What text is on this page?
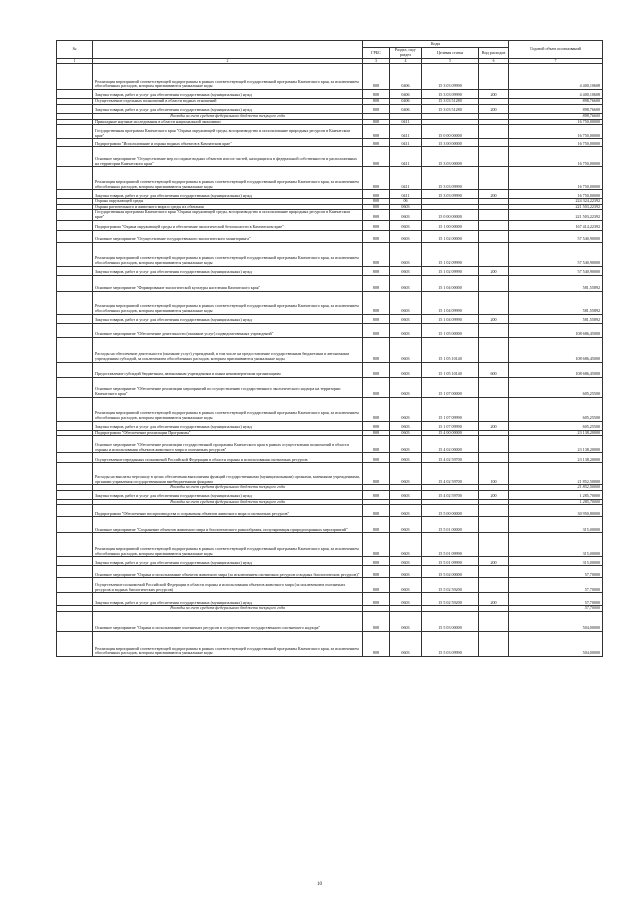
№		Коды				Годовой объем ассигнований
		ГРБС	Раздел, под- раздел	Целевая статья	Вид расходов	
1	2	3	4	5	6	7
	Реализация мероприятий соответствующей подпрограммы в рамках соответствующей государственной программы Камчатского края, за исключением обособленных расходов, которым присваиваются уникальные коды	808	0406	15 3 03 09990		4 400,10608
	Закупка товаров, работ и услуг для обеспечения государственных (муниципальных) нужд	808	0406	15 3 03 09990	200	4 400,10608
	Осуществление отдельных полномочий в области водных отношений	808	0406	15 3 03 51280		898,76600
	Закупка товаров, работ и услуг для обеспечения государственных (муниципальных) нужд	808	0406	15 3 03 51280	200	898,76600
	Расходы за счет средств федерального бюджета текущего года					898,76600
	Прикладные научные исследования в области национальной экономики	808	0411			16 750,00000
	Государственная программа Камчатского края "Охрана окружающей среды, воспроизводство и использование природных ресурсов в Камчатском крае"	808	0411	15 0 00 00000		16 750,00000
	Подпрограмма "Использование и охрана водных объектов в Камчатском крае"	808	0411	15 3 00 00000		16 750,00000
	Основное мероприятие "Осуществление мер по охране водных объектов или их частей, находящихся в федеральной собственности и расположенных на территории Камчатского края"	808	0411	15 3 03 00000		16 750,00000
	Реализация мероприятий соответствующей подпрограммы в рамках соответствующей государственной программы Камчатского края, за исключением обособленных расходов, которым присваиваются уникальные коды	808	0411	15 3 03 09990		16 750,00000
	Закупка товаров, работ и услуг для обеспечения государственных (муниципальных) нужд	808	0411	15 3 03 09990	200	16 750,00000
	Охрана окружающей среды	808	06			224 324,22392
	Охрана растительного и животного мира и среды их обитания	808	0603			221 503,22392
	Государственная программа Камчатского края "Охрана окружающей среды, воспроизводство и использование природных ресурсов в Камчатском крае"	808	0603	15 0 00 00000		221 503,22392
	Подпрограмма "Охрана окружающей среды и обеспечение экологической безопасности в Камчатском крае"	808	0603	15 1 00 00000		167 414,22392
	Основное мероприятие "Осуществление государственного экологического мониторинга"	808	0603	15 1 02 00000		57 540,90000
	Реализация мероприятий соответствующей подпрограммы в рамках соответствующей государственной программы Камчатского края, за исключением обособленных расходов, которым присваиваются уникальные коды	808	0603	15 1 02 09990		57 540,90000
	Закупка товаров, работ и услуг для обеспечения государственных (муниципальных) нужд	808	0603	15 1 02 09990	200	57 540,90000
	Основное мероприятие "Формирование экологической культуры населения Камчатского края"	808	0603	15 1 04 00000		581,55892
	Реализация мероприятий соответствующей подпрограммы в рамках соответствующей государственной программы Камчатского края, за исключением обособленных расходов, которым присваиваются уникальные коды	808	0603	15 1 04 09990		581,55892
	Закупка товаров, работ и услуг для обеспечения государственных (муниципальных) нужд	808	0603	15 1 04 09990	200	581,55892
	Основное мероприятие "Обеспечение деятельности (оказание услуг) подведомственных учреждений"	808	0603	15 1 05 00000		108 686,45000
	Расходы на обеспечение деятельности (оказание услуг) учреждений, в том числе на предоставление государственным бюджетным и автономным учреждениям субсидий, за исключением обособленных расходов, которым присваиваются уникальные коды	808	0603	15 1 05 10140		108 686,45000
	Предоставление субсидий бюджетным, автономным учреждениям и иным некоммерческим организациям	808	0603	15 1 05 10140	600	108 686,45000
	Основное мероприятие "Обеспечение реализации мероприятий по осуществлению государственного экологического надзора на территории Камчатского края"	808	0603	15 1 07 00000		605,25500
	Реализация мероприятий соответствующей подпрограммы в рамках соответствующей государственной программы Камчатского края, за исключением обособленных расходов, которым присваиваются уникальные коды	808	0603	15 1 07 09990		605,25500
	Закупка товаров, работ и услуг для обеспечения государственных (муниципальных) нужд	808	0603	15 1 07 09990	200	605,25500
	Подпрограмма "Обеспечение реализации Программы"	808	0603	15 4 00 00000		23 138,20000
	Основное мероприятие "Обеспечение реализации государственной программы Камчатского края в рамках осуществления полномочий в области охраны и использования объектов животного мира и охотничьих ресурсов"	808	0603	15 4 02 00000		23 138,20000
	Осуществление переданных полномочий Российской Федерации в области охраны и использования охотничьих ресурсов	808	0603	15 4 02 59700		23 138,20000
	Расходы на выплаты персоналу в целях обеспечения выполнения функций государственными (муниципальными) органами, казенными учреждениями, органами управления государственными внебюджетными фондами	808	0603	15 4 02 59700	100	21 852,50000
	Расходы за счет средств федерального бюджета текущего года					21 852,50000
	Закупка товаров, работ и услуг для обеспечения государственных (муниципальных) нужд	808	0603	15 4 02 59700	200	1 285,70000
	Расходы за счет средств федерального бюджета текущего года					1 285,70000
	Подпрограмма "Обеспечение воспроизводства и сохранения объектов животного мира и охотничьих ресурсов"	808	0603	15 5 00 00000		30 950,80000
	Основное мероприятие "Сохранение объектов животного мира и биологического разнообразия, популяризация природоохранных мероприятий"	808	0603	15 5 01 00000		315,00000
	Реализация мероприятий соответствующей подпрограммы в рамках соответствующей государственной программы Камчатского края, за исключением обособленных расходов, которым присваиваются уникальные коды	808	0603	15 5 01 09990		315,00000
	Закупка товаров, работ и услуг для обеспечения государственных (муниципальных) нужд	808	0603	15 5 01 09990	200	315,00000
	Основное мероприятие "Охрана и использование объектов животного мира (за исключением охотничьих ресурсов и водных биологических ресурсов)"	808	0603	15 5 02 00000		57,70000
	Осуществление полномочий Российской Федерации в области охраны и использования объектов животного мира (за исключением охотничьих ресурсов и водных биологических ресурсов)	808	0603	15 5 02 59200		57,70000
	Закупка товаров, работ и услуг для обеспечения государственных (муниципальных) нужд	808	0603	15 5 02 59200	200	57,70000
	Расходы за счет средств федерального бюджета текущего года					57,70000
	Основное мероприятие "Охрана и использование охотничьих ресурсов и осуществление государственного охотничьего надзора"	808	0603	15 5 03 00000		504,00000
	Реализация мероприятий соответствующей подпрограммы в рамках соответствующей государственной программы Камчатского края, за исключением обособленных расходов, которым присваиваются уникальные коды	808	0603	15 5 03 09990		504,00000
10
